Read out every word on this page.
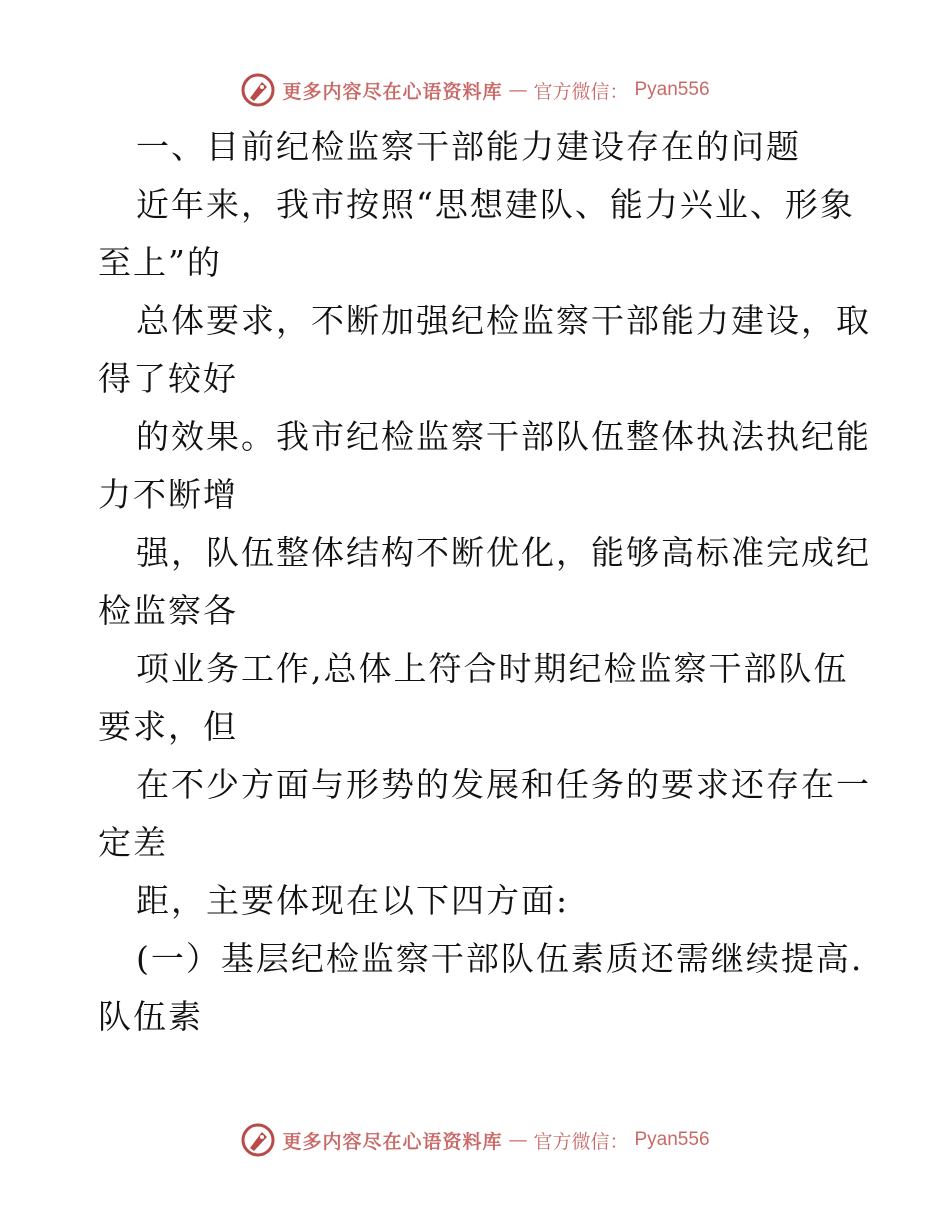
更多内容尽在心语资料库 — 官方微信： Pyan556
一、目前纪检监察干部能力建设存在的问题
近年来，我市按照“思想建队、能力兴业、形象
至上”的
总体要求，不断加强纪检监察干部能力建设，取
得了较好
的效果。我市纪检监察干部队伍整体执法执纪能
力不断增
强，队伍整体结构不断优化，能够高标准完成纪
检监察各
项业务工作,总体上符合时期纪检监察干部队伍
要求，但
在不少方面与形势的发展和任务的要求还存在一
定差
距，主要体现在以下四方面:
(一）基层纪检监察干部队伍素质还需继续提高.
队伍素
更多内容尽在心语资料库 — 官方微信： Pyan556
